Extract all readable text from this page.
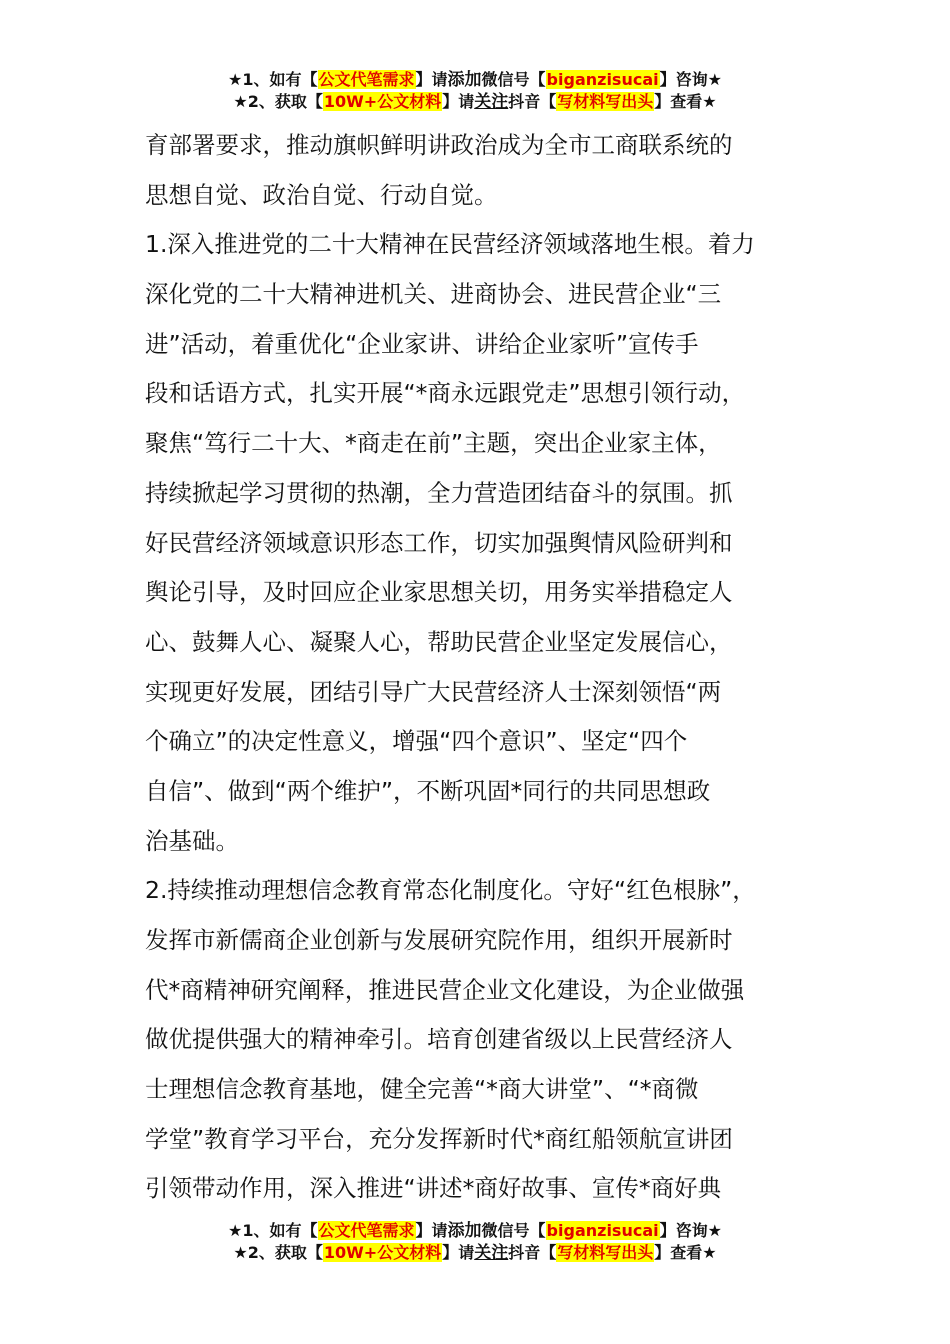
★1、如有【公文代笔需求】请添加微信号【biganzisucai】咨询★
★2、获取【10W+公文材料】请关注抖音【写材料写出头】查看★
育部署要求，推动旗帜鲜明讲政治成为全市工商联系统的
思想自觉、政治自觉、行动自觉。
1.深入推进党的二十大精神在民营经济领域落地生根。着力
深化党的二十大精神进机关、进商协会、进民营企业“三
进”活动，着重优化“企业家讲、讲给企业家听”宣传手
段和话语方式，扎实开展“*商永远跟党走”思想引领行动，
聚焦“笃行二十大、*商走在前”主题，突出企业家主体，
持续掀起学习贯彻的热潮，全力营造团结奋斗的氛围。抓
好民营经济领域意识形态工作，切实加强舆情风险研判和
舆论引导，及时回应企业家思想关切，用务实举措稳定人
心、鼓舞人心、凝聚人心，帮助民营企业坚定发展信心，
实现更好发展，团结引导广大民营经济人士深刻领悟“两
个确立”的决定性意义，增强“四个意识”、坚定“四个
自信”、做到“两个维护”，不断巩固*同行的共同思想政
治基础。
2.持续推动理想信念教育常态化制度化。守好“红色根脉”，
发挥市新儒商企业创新与发展研究院作用，组织开展新时
代*商精神研究阐释，推进民营企业文化建设，为企业做强
做优提供强大的精神牵引。培育创建省级以上民营经济人
士理想信念教育基地，健全完善“*商大讲堂”、“*商微
学堂”教育学习平台，充分发挥新时代*商红船领航宣讲团
引领带动作用，深入推进“讲述*商好故事、宣传*商好典
★1、如有【公文代笔需求】请添加微信号【biganzisucai】咨询★
★2、获取【10W+公文材料】请关注抖音【写材料写出头】查看★
